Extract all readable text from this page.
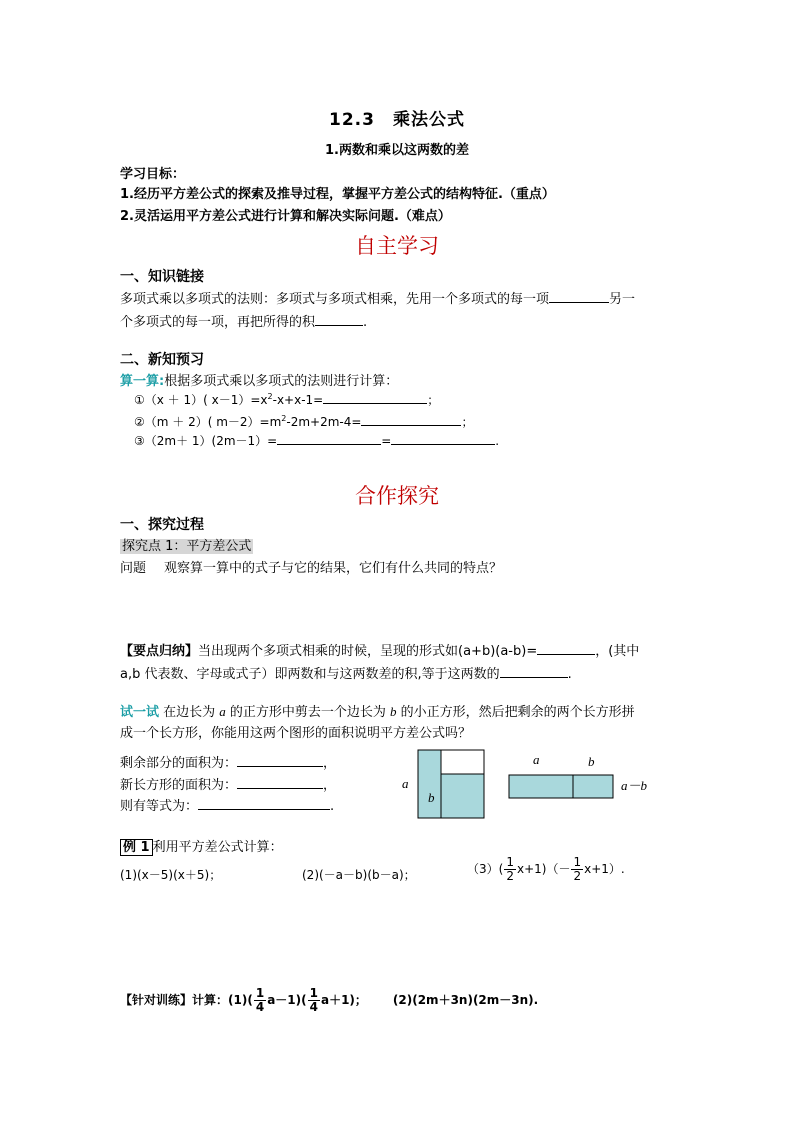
12.3　乘法公式
1.两数和乘以这两数的差
学习目标：
1.经历平方差公式的探索及推导过程，掌握平方差公式的结构特征.（重点）
2.灵活运用平方差公式进行计算和解决实际问题.（难点）
自主学习
一、知识链接
多项式乘以多项式的法则：多项式与多项式相乘，先用一个多项式的每一项	另一
个多项式的每一项，再把所得的积	.
二、新知预习
算一算:根据多项式乘以多项式的法则进行计算：
①（x ＋ 1）( $x-1)=x^2-x+x-1=$	；
②（m ＋ 2）( $m-2)=m^2-2m+2m-4=$	；
③（2m＋ 1）(2m－1）=	=	.
合作探究
一、探究过程
探究点 1：平方差公式
问题 观察算一算中的式子与它的结果，它们有什么共同的特点？
【要点归纳】当出现两个多项式相乘的时候，呈现的形式如(a+b)(a-b)=	，(其中
a,b 代表数、字母或式子）即两数和与这两数差的积,等于这两数的	.
试一试 在边长为 a 的正方形中剪去一个边长为 b 的小正方形，然后把剩余的两个长方形拼
成一个长方形，你能用这两个图形的面积说明平方差公式吗？
剩余部分的面积为：	，
新长方形的面积为：	，
则有等式为：	.
a
b
a	b
a－b
例 1 利用平方差公式计算：
(1)(x－5)(x＋5)；	(2)(－a－b)(b－a)；	$(3)( \frac{1}{2} x+1)(- \frac{1}{2} x+1)$.
【针对训练】计算：$(1)( \frac{1}{4} a-1)( \frac{1}{4} a+1)$； (2)(2m＋3n)(2m－3n).
